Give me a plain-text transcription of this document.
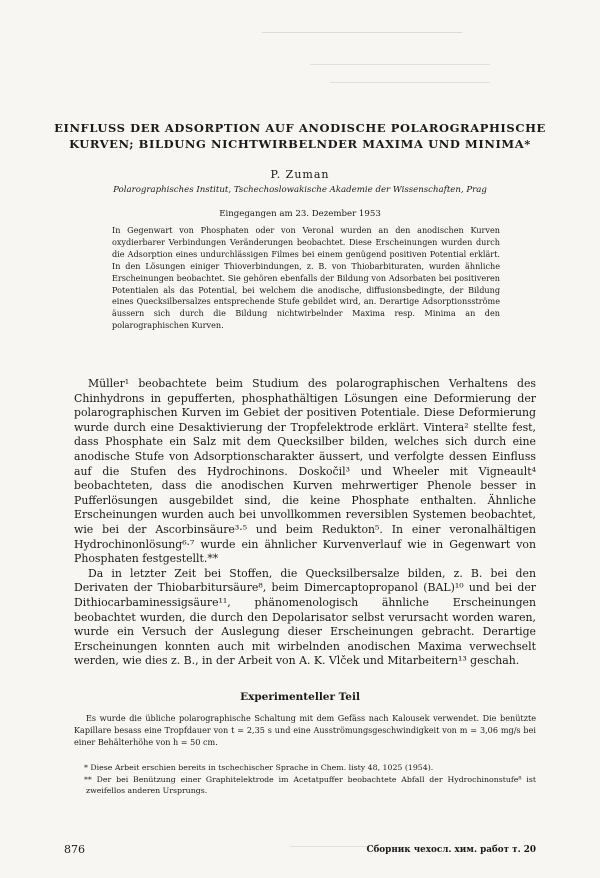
EINFLUSS DER ADSORPTION AUF ANODISCHE POLAROGRAPHISCHE KURVEN; BILDUNG NICHTWIRBELNDER MAXIMA UND MINIMA*
P. Zuman
Polarographisches Institut, Tschechoslowakische Akademie der Wissenschaften, Prag
Eingegangen am 23. Dezember 1953
In Gegenwart von Phosphaten oder von Veronal wurden an den anodischen Kurven oxydierbarer Verbindungen Veränderungen beobachtet. Diese Erscheinungen wurden durch die Adsorption eines undurchlässigen Filmes bei einem genügend positiven Potential erklärt. In den Lösungen einiger Thioverbindungen, z. B. von Thiobarbituraten, wurden ähnliche Erscheinungen beobachtet. Sie gehören ebenfalls der Bildung von Adsorbaten bei positiveren Potentialen als das Potential, bei welchem die anodische, diffusionsbedingte, der Bildung eines Quecksilbersalzes entsprechende Stufe gebildet wird, an. Derartige Adsorptionsströme äussern sich durch die Bildung nichtwirbelnder Maxima resp. Minima an den polarographischen Kurven.

Müller¹ beobachtete beim Studium des polarographischen Verhaltens des Chinhydrons in gepufferten, phosphathältigen Lösungen eine Deformierung der polarographischen Kurven im Gebiet der positiven Potentiale. Diese Deformierung wurde durch eine Desaktivierung der Tropfelektrode erklärt. Vintera² stellte fest, dass Phosphate ein Salz mit dem Quecksilber bilden, welches sich durch eine anodische Stufe von Adsorptionscharakter äussert, und verfolgte dessen Einfluss auf die Stufen des Hydrochinons. Doskočil³ und Wheeler mit Vigneault⁴ beobachteten, dass die anodischen Kurven mehrwertiger Phenole besser in Pufferlösungen ausgebildet sind, die keine Phosphate enthalten. Ähnliche Erscheinungen wurden auch bei unvollkommen reversiblen Systemen beobachtet, wie bei der Ascorbinsäure³·⁵ und beim Redukton⁵. In einer veronalhältigen Hydrochinonlösung⁶·⁷ wurde ein ähnlicher Kurvenverlauf wie in Gegenwart von Phosphaten festgestellt.**

Da in letzter Zeit bei Stoffen, die Quecksilbersalze bilden, z. B. bei den Derivaten der Thiobarbitursäure⁸, beim Dimercaptopropanol (BAL)¹⁰ und bei der Dithiocarbaminessigsäure¹¹, phänomenologisch ähnliche Erscheinungen beobachtet wurden, die durch den Depolarisator selbst verursacht worden waren, wurde ein Versuch der Auslegung dieser Erscheinungen gebracht. Derartige Erscheinungen konnten auch mit wirbelnden anodischen Maxima verwechselt werden, wie dies z. B., in der Arbeit von A. K. Vlček und Mitarbeitern¹³ geschah.

Experimenteller Teil

Es wurde die übliche polarographische Schaltung mit dem Gefäss nach Kalousek verwendet. Die benützte Kapillare besass eine Tropfdauer von t = 2,35 s und eine Ausströmungsgeschwindigkeit von m = 3,06 mg/s bei einer Behälterhöhe von h = 50 cm.

* Diese Arbeit erschien bereits in tschechischer Sprache in Chem. listy 48, 1025 (1954).

** Der bei Benützung einer Graphitelektrode im Acetatpuffer beobachtete Abfall der Hydrochinonstufe⁸ ist zweifellos anderen Ursprungs.

876	Сборник чехосл. хим. работ т. 20
